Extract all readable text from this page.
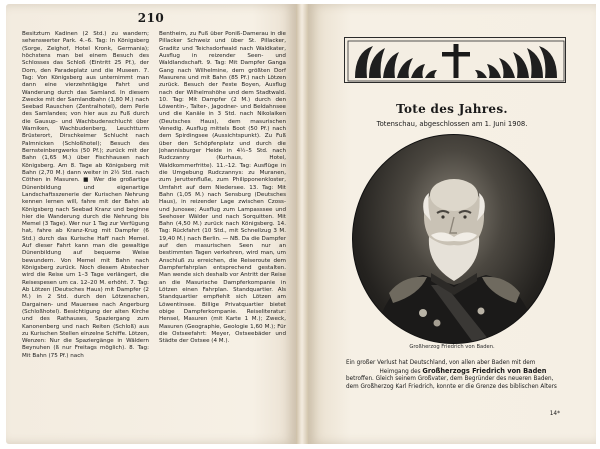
210

Besitztum Kadinen (2 Std.) zu wandern; sehenswerter Park. 4.–6. Tag: In Königsberg (Sorge, Zeighof, Hotel Kronk, Germania); höchstens man bei einem Besuch des Schlosses das Schloß (Eintritt 25 Pf.), der Dom, den Paradeplatz und die Museen. 7. Tag: Von Königsberg aus unternimmt man dann eine vierzehntägige Fahrt und Wanderung durch das Samland. In diesem Zwecke mit der Samlandbahn (1,80 M.) nach Seebad Rauschen (Zentralhotel), dem Perle des Samlandes; von hier aus zu Fuß durch die Gausup- und Wachbudenschlucht über Warniken, Wachbudenberg, Leuchtturm Brüsterort, Dirschkeimer Schlucht nach Palmnicken (Schloßhotel); Besuch des Bernsteinbergwerks (50 Pf.); zurück mit der Bahn (1,65 M.) über Fischhausen nach Königsberg. Am 8. Tage ab Königsberg mit Bahn (2,70 M.) dann weiter in 2½ Std. nach Cöthen in Masuren. ■ Wer die großartige Dünenbildung und eigenartige Landschaftsszenerie der Kurischen Nehrung kennen lernen will, fahre mit der Bahn ab Königsberg nach Seebad Kranz und beginne hier die Wanderung durch die Nehrung bis Memel (3 Tage). Wer nur 1 Tag zur Verfügung hat, fahre ab Kranz-Krug mit Dampfer (6 Std.) durch das Kurische Haff nach Memel. Auf dieser Fahrt kann man die gewaltige Dünenbildung auf bequeme Weise bewundern. Von Memel mit Bahn nach Königsberg zurück. Noch diesem Abstecher wird die Reise um 1–3 Tage verlängert, die Reisespesen um ca. 12–20 M. erhöht. 7. Tag: Ab Lötzen (Deutsches Haus) mit Dampfer (2 M.) in 2 Std. durch den Lötzenschen, Dargainen- und Mauersee nach Angerburg (Schloßhotel). Besichtigung der alten Kirche und des Rathauses, Spaziergang zum Kanonenberg und nach Reiten (Schloß) aus zu Kurischen Stellen einzelne Schiffe. Lötzen, Wenzen: Nur die Spaziergänge in Wäldern Beynuhen (ß nur Freitags möglich). 8. Tag: Mit Bahn (75 Pf.) nach

Bentheim, zu Fuß über Poniß-Damerau in die Pillacker Schweiz und über St. Pillacker, Graditz und Teichsdorfwald nach Waldkater, Ausflug in reizender Seen- und Waldlandschaft. 9. Tag: Mit Dampfer Ganga Gang nach Wilhelmine, dem größten Dorf Masurens und mit Bahn (85 Pf.) nach Lötzen zurück. Besuch der Feste Boyen, Ausflug nach der Wilhelmshöhe und dem Stadtwald. 10. Tag: Mit Dampfer (2 M.) durch den Löwentin-, Talter-, Jagodner- und Beldahnsee und die Kanäle in 3 Std. nach Nikolaiken (Deutsches Haus), dem masurischen Venedig. Ausflug mittels Boot (50 Pf.) nach dem Spirdingsee (Aussichtspunkt). Zu Fuß über den Schöpfenplatz und durch die Johannisburger Heide in 4½–5 Std. nach Rudczanny (Kurhaus, Hotel, Waldkommerfritte). 11.–12. Tag: Ausflüge in die Umgebung Rudczannys: zu Muranen, zum Jeruttenfluße, zum Philipponenkloster, Umfahrt auf dem Niedersee. 13. Tag: Mit Bahn (1,05 M.) nach Sensburg (Deutsches Haus), in reizender Lage zwischen Czoss- und Junosee; Ausflug zum Lampasssee und Seehoser Wälder und nach Sorquitten. Mit Bahn (4,50 M.) zurück nach Königsberg. 14. Tag: Rückfahrt (10 Std., mit Schnellzug 3 M. 19,40 M.) nach Berlin. — NB. Da die Dampfer auf den masurischen Seen nur an bestimmten Tagen verkehren, wird man, um Anschluß zu erreichen, die Reiseroute dem Dampferfahrplan entsprechend gestalten. Man wende sich deshalb vor Antritt der Reise an die Masurische Dampferkompanie in Lötzen einen Fahrplan. Standquartier. Als Standquartier empfiehlt sich Lötzen am Löwentinsee. Billige Privatquartier bietet obige Dampferkompanie. Reiseliteratur: Hensel, Masuren (mit Karte 1 M.); Zweck, Masuren (Geographie, Geologie 1,60 M.); Für die Ostseefahrt: Meyer, Ostseebäder und Städte der Ostsee (4 M.).

Tote des Jahres.
Totenschau, abgeschlossen am 1. Juni 1908.
Großherzog Friedrich von Baden.
Ein großer Verlust hat Deutschland, von allen aber Baden mit dem
Heimgang des Großherzogs Friedrich von Baden
betroffen. Gleich seinem Großvater, dem Begründer des neueren Baden,
dem Großherzog Karl Friedrich, konnte er die Grenze des biblischen Alters
14*
